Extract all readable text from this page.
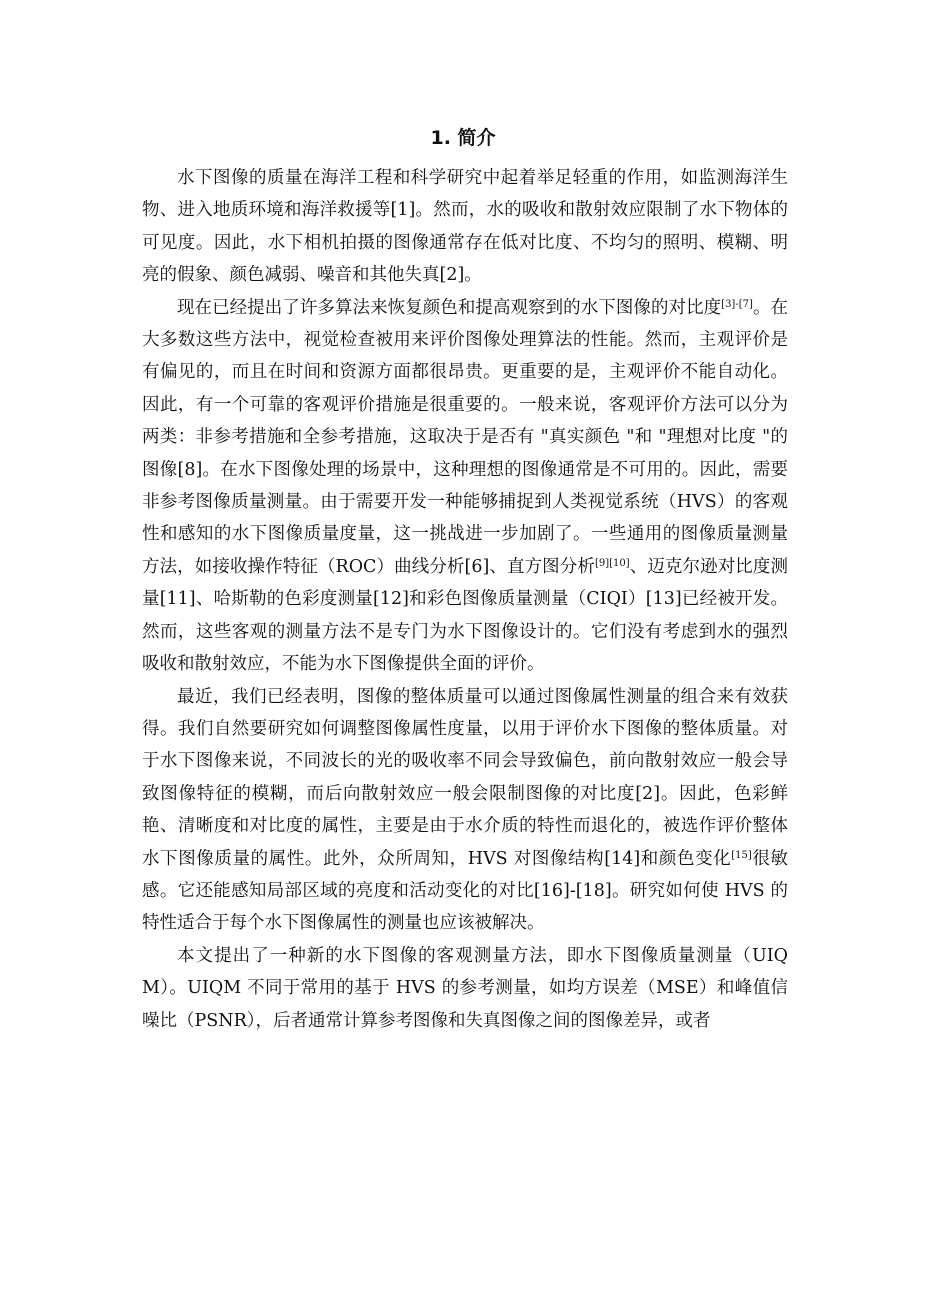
1. 简介

水下图像的质量在海洋工程和科学研究中起着举足轻重的作用，如监测海洋生物、进入地质环境和海洋救援等[1]。然而，水的吸收和散射效应限制了水下物体的可见度。因此，水下相机拍摄的图像通常存在低对比度、不均匀的照明、模糊、明亮的假象、颜色减弱、噪音和其他失真[2]。

现在已经提出了许多算法来恢复颜色和提高观察到的水下图像的对比度[3]-[7]。在大多数这些方法中，视觉检查被用来评价图像处理算法的性能。然而，主观评价是有偏见的，而且在时间和资源方面都很昂贵。更重要的是，主观评价不能自动化。因此，有一个可靠的客观评价措施是很重要的。一般来说，客观评价方法可以分为两类：非参考措施和全参考措施，这取决于是否有 "真实颜色 "和 "理想对比度 "的图像[8]。在水下图像处理的场景中，这种理想的图像通常是不可用的。因此，需要非参考图像质量测量。由于需要开发一种能够捕捉到人类视觉系统（HVS）的客观性和感知的水下图像质量度量，这一挑战进一步加剧了。一些通用的图像质量测量方法，如接收操作特征（ROC）曲线分析[6]、直方图分析[9][10]、迈克尔逊对比度测量[11]、哈斯勒的色彩度测量[12]和彩色图像质量测量（CIQI）[13]已经被开发。然而，这些客观的测量方法不是专门为水下图像设计的。它们没有考虑到水的强烈吸收和散射效应，不能为水下图像提供全面的评价。

最近，我们已经表明，图像的整体质量可以通过图像属性测量的组合来有效获得。我们自然要研究如何调整图像属性度量，以用于评价水下图像的整体质量。对于水下图像来说，不同波长的光的吸收率不同会导致偏色，前向散射效应一般会导致图像特征的模糊，而后向散射效应一般会限制图像的对比度[2]。因此，色彩鲜艳、清晰度和对比度的属性，主要是由于水介质的特性而退化的，被选作评价整体水下图像质量的属性。此外，众所周知，HVS 对图像结构[14]和颜色变化[15]很敏感。它还能感知局部区域的亮度和活动变化的对比[16]-[18]。研究如何使 HVS 的特性适合于每个水下图像属性的测量也应该被解决。

本文提出了一种新的水下图像的客观测量方法，即水下图像质量测量（UIQM）。UIQM 不同于常用的基于 HVS 的参考测量，如均方误差（MSE）和峰值信噪比（PSNR），后者通常计算参考图像和失真图像之间的图像差异，或者
